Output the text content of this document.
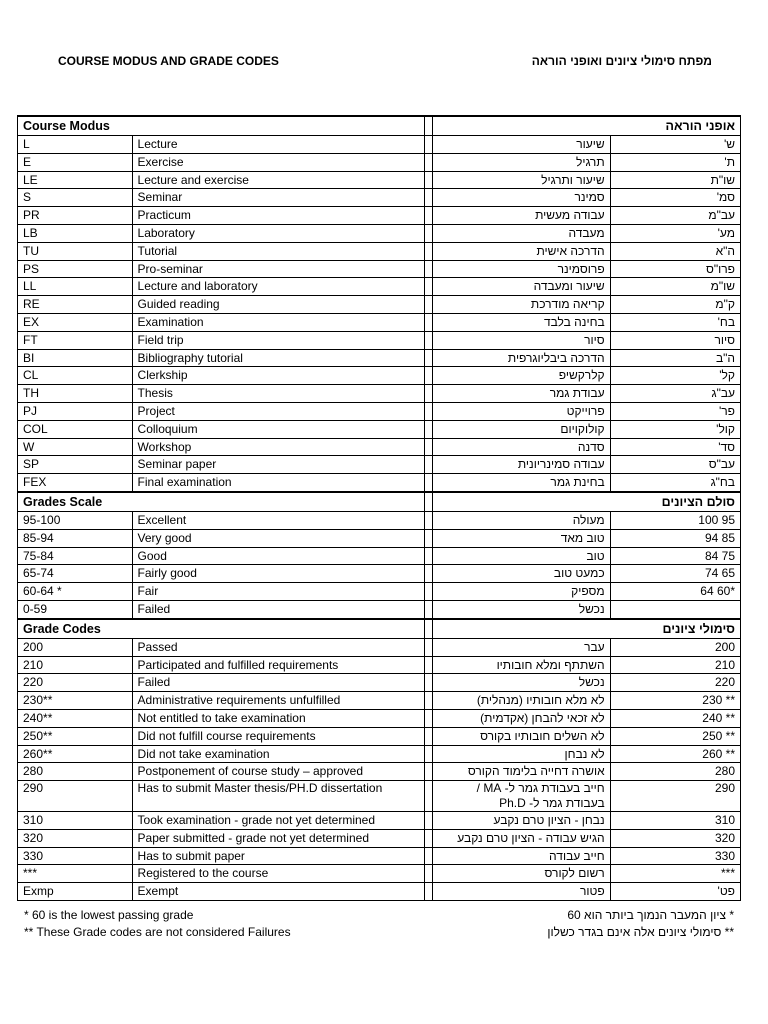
COURSE MODUS AND GRADE CODES	מפתח סימולי ציונים ואופני הוראה
Course Modus			אופני הוראה	
L	Lecture		שיעור	ש'
E	Exercise		תרגיל	ת'
LE	Lecture and exercise		שיעור ותרגיל	שו"ת
S	Seminar		סמינר	סמ'
PR	Practicum		עבודה מעשית	עב"מ
LB	Laboratory		מעבדה	מע'
TU	Tutorial		הדרכה אישית	ה"א
PS	Pro-seminar		פרוסמינר	פרו"ס
LL	Lecture and laboratory		שיעור ומעבדה	שו"מ
RE	Guided reading		קריאה מודרכת	ק"מ
EX	Examination		בחינה בלבד	בח'
FT	Field trip		סיור	סיור
BI	Bibliography tutorial		הדרכה ביבליוגרפית	ה"ב
CL	Clerkship		קלרקשיפ	קל'
TH	Thesis		עבודת גמר	עב"ג
PJ	Project		פרוייקט	פר'
COL	Colloquium		קולוקויום	קול'
W	Workshop		סדנה	סד'
SP	Seminar paper		עבודה סמינריונית	עב"ס
FEX	Final examination		בחינת גמר	בח"ג
Grades Scale			סולם הציונים	
95-100	Excellent		מעולה	95 100
85-94	Very good		טוב מאד	85 94
75-84	Good		טוב	75 84
65-74	Fairly good		כמעט טוב	65 74
60-64 *	Fair		מספיק	*60 64
0-59	Failed		נכשל	
Grade Codes			סימולי ציונים	
200	Passed		עבר	200
210	Participated and fulfilled requirements		השתתף ומלא חובותיו	210
220	Failed		נכשל	220
230**	Administrative requirements unfulfilled		לא מלא חובותיו (מנהלית)	** 230
240**	Not entitled to take examination		לא זכאי להבחן (אקדמית)	** 240
250**	Did not fulfill course requirements		לא השלים חובותיו בקורס	** 250
260**	Did not take examination		לא נבחן	** 260
280	Postponement of course study – approved		אושרה דחייה בלימוד הקורס	280
290	Has to submit Master thesis/PH.D dissertation		חייב בעבודת גמר ל- MA / בעבודת גמר ל- Ph.D	290
310	Took examination - grade not yet determined		נבחן - הציון טרם נקבע	310
320	Paper submitted - grade not yet determined		הגיש עבודה - הציון טרם נקבע	320
330	Has to submit paper		חייב עבודה	330
***	Registered to the course		רשום לקורס	***
Exmp	Exempt		פטור	פט'
* 60 is the lowest passing grade
** These Grade codes are not considered Failures
* ציון המעבר הנמוך ביותר הוא 60
** סימולי ציונים אלה אינם בגדר כשלון
